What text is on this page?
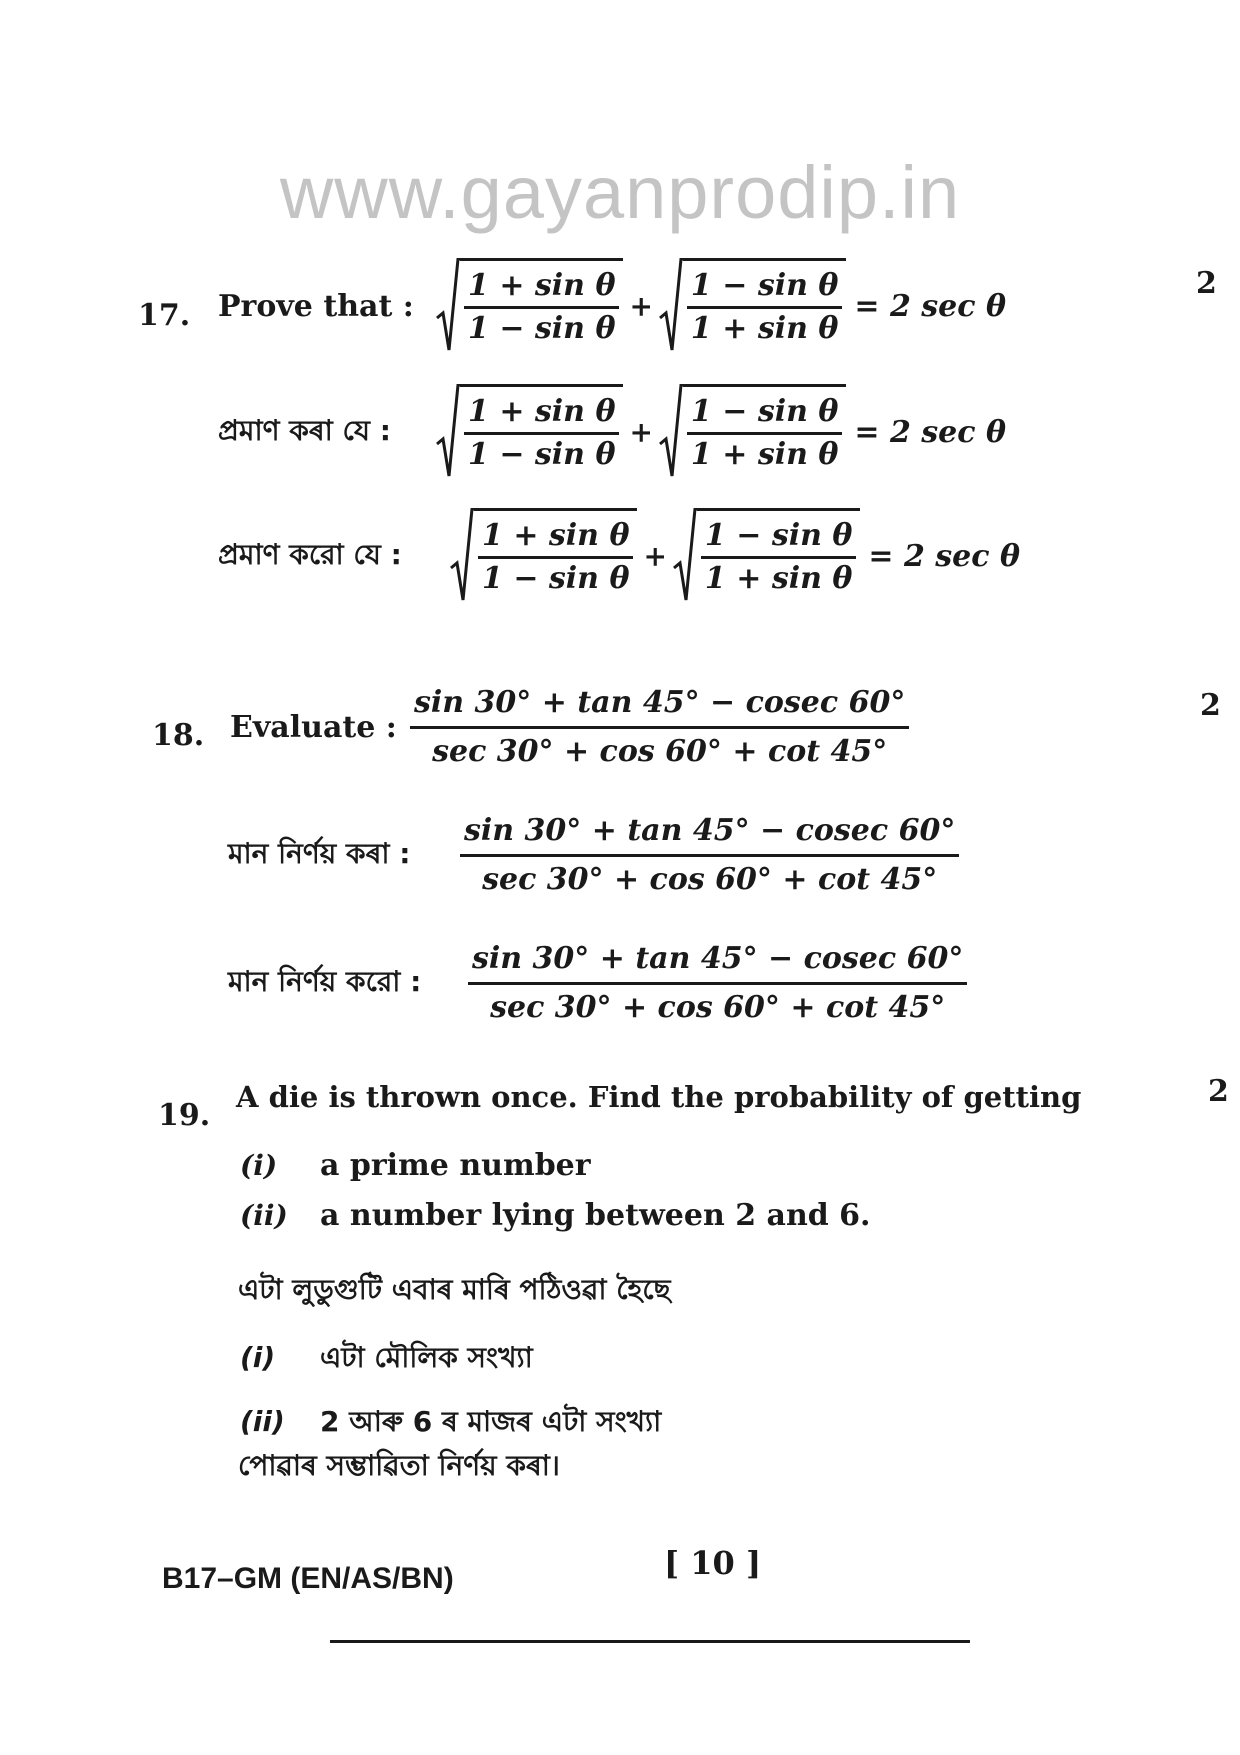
www.gayanprodip.in
17.
2
Prove that :	$\frac{\text{1 + sin θ}}{\text{1 − sin θ}} + \frac{\text{1 − sin θ}}{\text{1 + sin θ}} = 2$ sec θ
প্ৰমাণ কৰা যে :	$\frac{\text{1 + sin θ}}{\text{1 − sin θ}} + \frac{\text{1 − sin θ}}{\text{1 + sin θ}} = 2$ sec θ
প্রমাণ করো যে :	$\frac{\text{1 + sin θ}}{\text{1 − sin θ}} + \frac{\text{1 − sin θ}}{\text{1 + sin θ}} = 2$ sec θ
18.
2
Evaluate : $\frac{\sin 30^\circ + \tan 45^\circ - cosec 60^\circ}{\sec 30^\circ + \cos 60^\circ + \cot 45^\circ}$
মান নিৰ্ণয় কৰা :	$\frac{\sin 30^\circ + \tan 45^\circ - cosec 60^\circ}{\sec 30^\circ + \cos 60^\circ + \cot 45^\circ}$
মান নির্ণয় করো :	$\frac{\sin 30^\circ + \tan 45^\circ - cosec 60^\circ}{\sec 30^\circ + \cos 60^\circ + \cot 45^\circ}$
19.
2
A die is thrown once. Find the probability of getting
(i) a prime number
(ii) a number lying between 2 and 6.
এটা লুডুগুটি এবাৰ মাৰি পঠিওৱা হৈছে
(i) এটা মৌলিক সংখ্যা
(ii) 2 আৰু 6 ৰ মাজৰ এটা সংখ্যা
পোৱাৰ সম্ভাৱিতা নিৰ্ণয় কৰা।
B17–GM (EN/AS/BN)	[ 10 ]
